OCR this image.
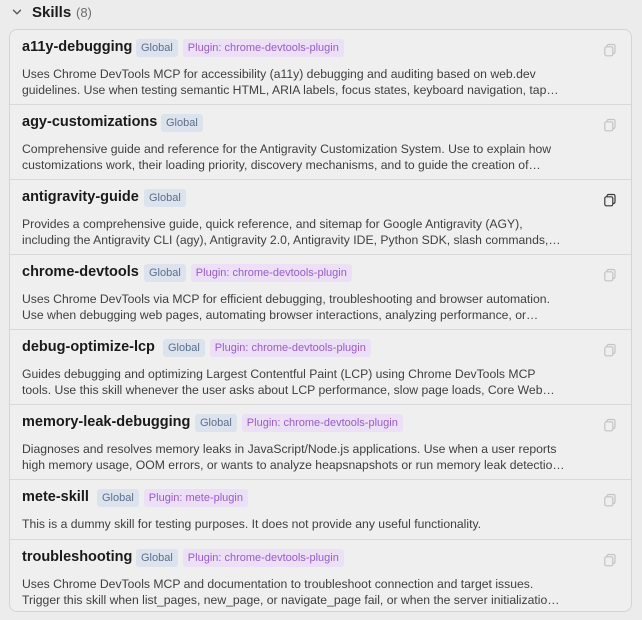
Skills (8)
a11y-debugging Global	Plugin: chrome-devtools-plugin
Uses Chrome DevTools MCP for accessibility (a11y) debugging and auditing based on web.dev
guidelines. Use when testing semantic HTML, ARIA labels, focus states, keyboard navigation, tap…
agy-customizations Global
Comprehensive guide and reference for the Antigravity Customization System. Use to explain how
customizations work, their loading priority, discovery mechanisms, and to guide the creation of…
antigravity-guide Global
Provides a comprehensive guide, quick reference, and sitemap for Google Antigravity (AGY),
including the Antigravity CLI (agy), Antigravity 2.0, Antigravity IDE, Python SDK, slash commands,…
chrome-devtools Global	Plugin: chrome-devtools-plugin
Uses Chrome DevTools via MCP for efficient debugging, troubleshooting and browser automation.
Use when debugging web pages, automating browser interactions, analyzing performance, or…
debug-optimize-lcp	Global	Plugin: chrome-devtools-plugin
Guides debugging and optimizing Largest Contentful Paint (LCP) using Chrome DevTools MCP
tools. Use this skill whenever the user asks about LCP performance, slow page loads, Core Web…
memory-leak-debugging Global	Plugin: chrome-devtools-plugin
Diagnoses and resolves memory leaks in JavaScript/Node.js applications. Use when a user reports
high memory usage, OOM errors, or wants to analyze heapsnapshots or run memory leak detectio…
mete-skill	Global	Plugin: mete-plugin
This is a dummy skill for testing purposes. It does not provide any useful functionality.
troubleshooting Global	Plugin: chrome-devtools-plugin
Uses Chrome DevTools MCP and documentation to troubleshoot connection and target issues.
Trigger this skill when list_pages, new_page, or navigate_page fail, or when the server initializatio…
